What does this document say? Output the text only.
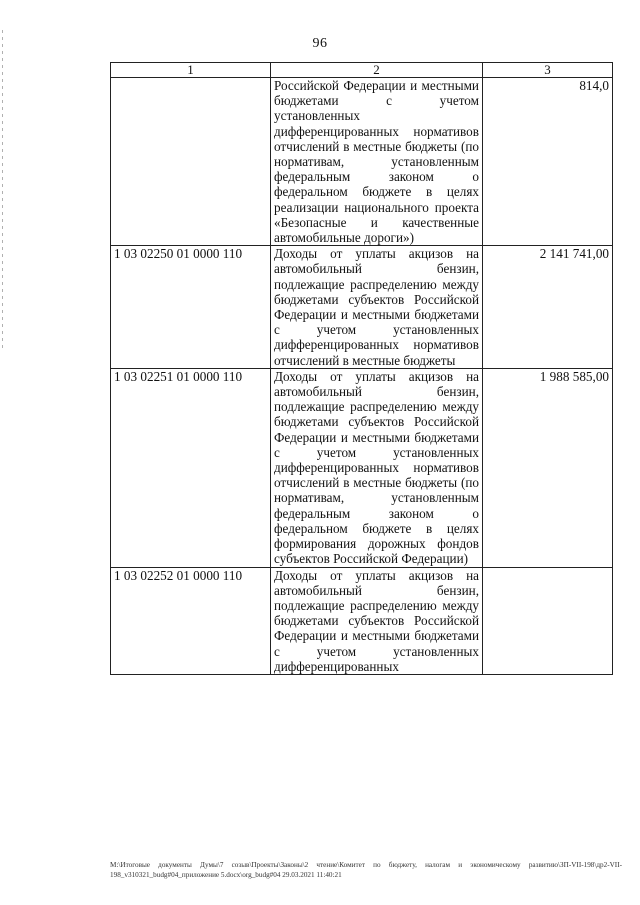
96
1	2	3
	Российской Федерации и местными бюджетами с учетом установленных дифференцированных нормативов отчислений в местные бюджеты (по нормативам, установленным федеральным законом о федеральном бюджете в целях реализации национального проекта «Безопасные и качественные автомобильные дороги»)	814,0
1 03 02250 01 0000 110	Доходы от уплаты акцизов на автомобильный бензин, подлежащие распределению между бюджетами субъектов Российской Федерации и местными бюджетами с учетом установленных дифференцированных нормативов отчислений в местные бюджеты	2 141 741,00
1 03 02251 01 0000 110	Доходы от уплаты акцизов на автомобильный бензин, подлежащие распределению между бюджетами субъектов Российской Федерации и местными бюджетами с учетом установленных дифференцированных нормативов отчислений в местные бюджеты (по нормативам, установленным федеральным законом о федеральном бюджете в целях формирования дорожных фондов субъектов Российской Федерации)	1 988 585,00
1 03 02252 01 0000 110	Доходы от уплаты акцизов на автомобильный бензин, подлежащие распределению между бюджетами субъектов Российской Федерации и местными бюджетами с учетом установленных дифференцированных	
М:\Итоговые документы Думы\7 созыв\Проекты\Законы\2 чтение\Комитет по бюджету, налогам и экономическому развитию\ЗП-VII-198\др2-VII-198_v310321_budg#04_приложение 5.docx\org_budg#04 29.03.2021 11:40:21
